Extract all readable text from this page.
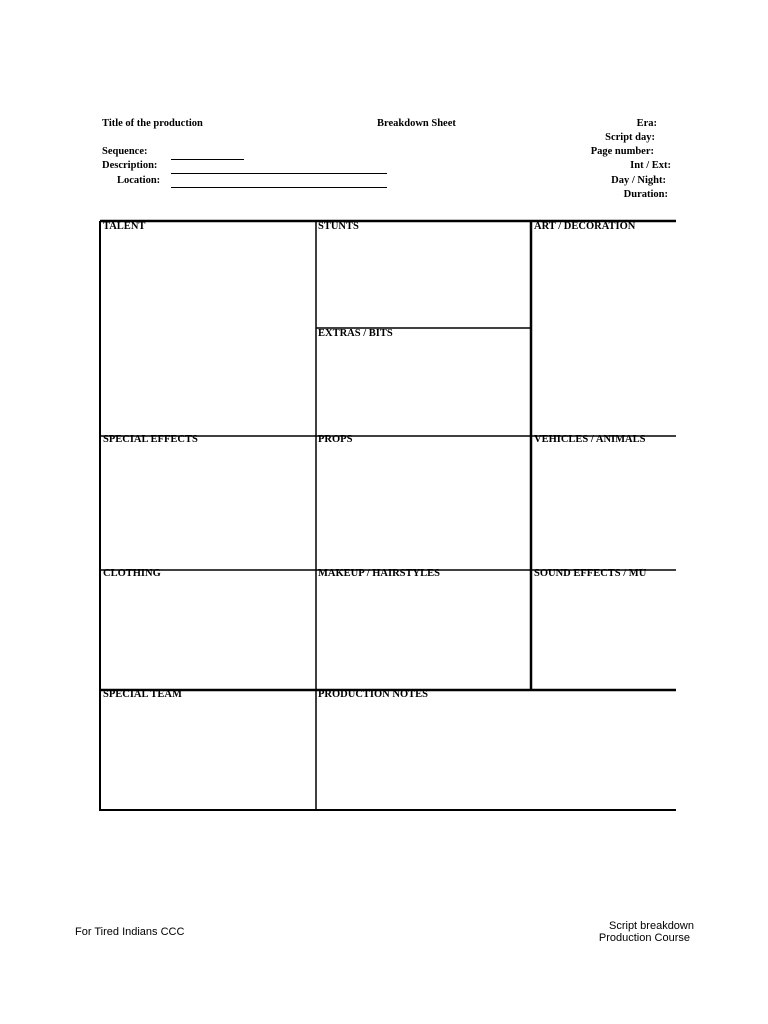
Title of the production	Breakdown Sheet
Sequence:
Description:
Location:
Era:
Script day:
Page number:
Int / Ext:
Day / Night:
Duration:
TALENT	STUNTS
EXTRAS / BITS
ART / DECORATION
SPECIAL EFFECTS	PROPS	VEHICLES / ANIMALS
CLOTHING	MAKEUP / HAIRSTYLES	SOUND EFFECTS / MÚ
SPECIAL TEAM	PRODUCTION NOTES
For Tired Indians CCC	Script breakdown
Production Course
